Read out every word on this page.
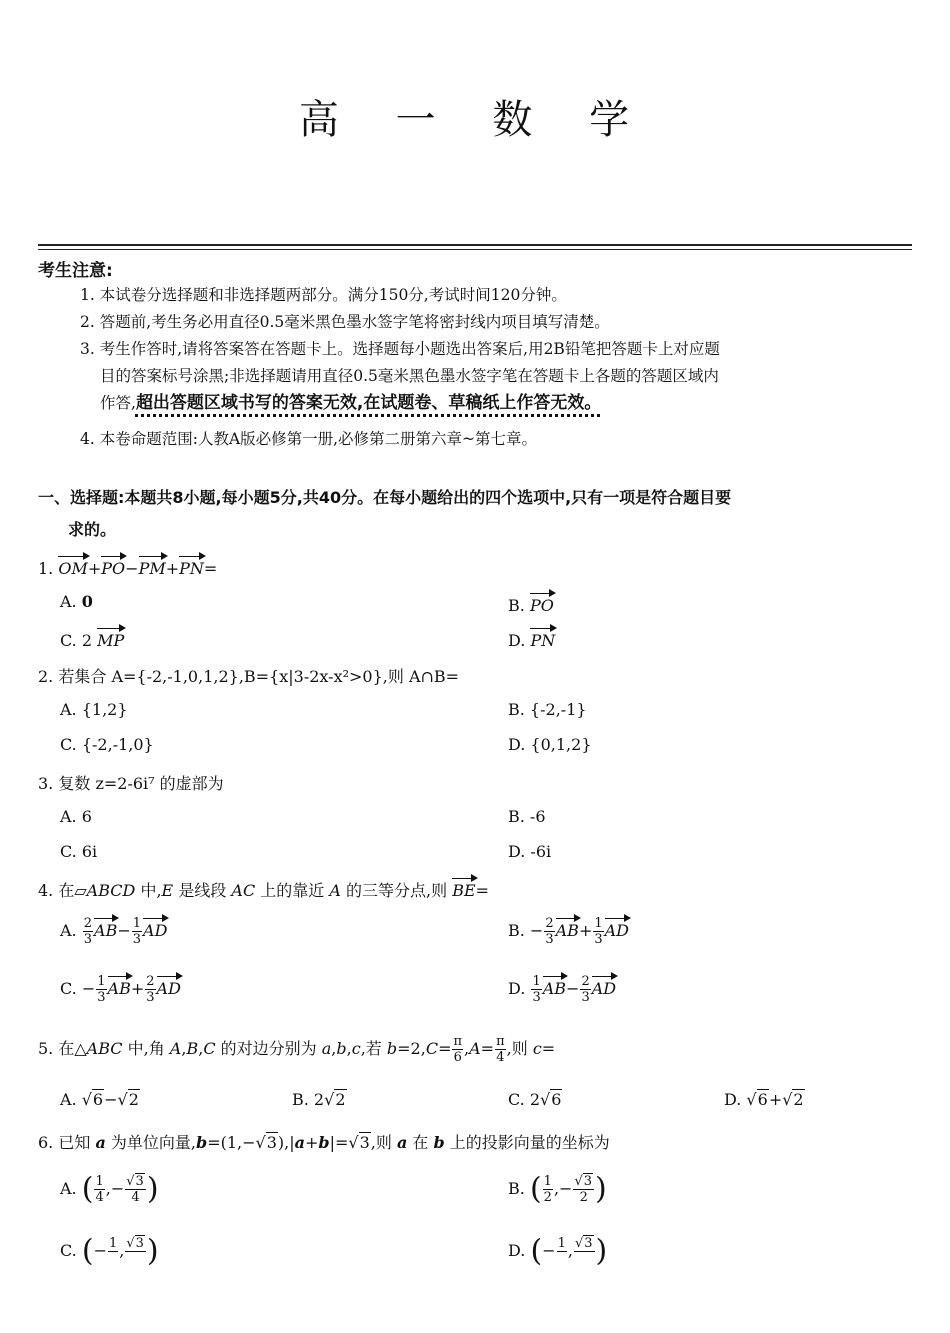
高 一 数 学
考生注意:
1. 本试卷分选择题和非选择题两部分。满分150分,考试时间120分钟。
2. 答题前,考生务必用直径0.5毫米黑色墨水签字笔将密封线内项目填写清楚。
3. 考生作答时,请将答案答在答题卡上。选择题每小题选出答案后,用2B铅笔把答题卡上对应题
目的答案标号涂黑;非选择题请用直径0.5毫米黑色墨水签字笔在答题卡上各题的答题区域内
作答,超出答题区域书写的答案无效,在试题卷、草稿纸上作答无效。
4. 本卷命题范围:人教A版必修第一册,必修第二册第六章~第七章。
一、选择题:本题共8小题,每小题5分,共40分。在每小题给出的四个选项中,只有一项是符合题目要
求的。
1. OM+PO−PM+PN=
A. 0	B. PO
C. 2 MP	D. PN
2. 若集合 A={-2,-1,0,1,2},B={x|3-2x-x²>0},则 A∩B=
A. {1,2}	B. {-2,-1}
C. {-2,-1,0}	D. {0,1,2}
3. 复数 z=2-6i⁷ 的虚部为
A. 6	B. -6
C. 6i	D. -6i
4. 在▱ABCD 中,E 是线段 AC 上的靠近 A 的三等分点,则 BE=
A. $\frac{2}{3} AB- \frac{1}{3}$ AD	B. − $\frac{2}{3} AB+ \frac{1}{3}$ AD
C. − $\frac{1}{3} AB+ \frac{2}{3}$ AD	D. $\frac{1}{3} AB- \frac{2}{3}$ AD
5. 在△ABC 中,角 A,B,C 的对边分别为 a,b,c,若 $b=2,C= \frac{\pi}{6} ,A= \frac{\pi}{4}$ ,则 c=
A. √6−√2	B. 2√2	C. 2√6	D. √6+√2
6. 已知 a 为单位向量,b=(1,−√3),|a+b|=√3,则 a 在 b 上的投影向量的坐标为
A. ( $\frac{1}{4}$ ,− $\frac{√3}{4}$ )	B. ( $\frac{1}{2}$ ,− $\frac{√3}{2}$ )
C. (− 1
, √3
)	D. (− 1
, √3
)
